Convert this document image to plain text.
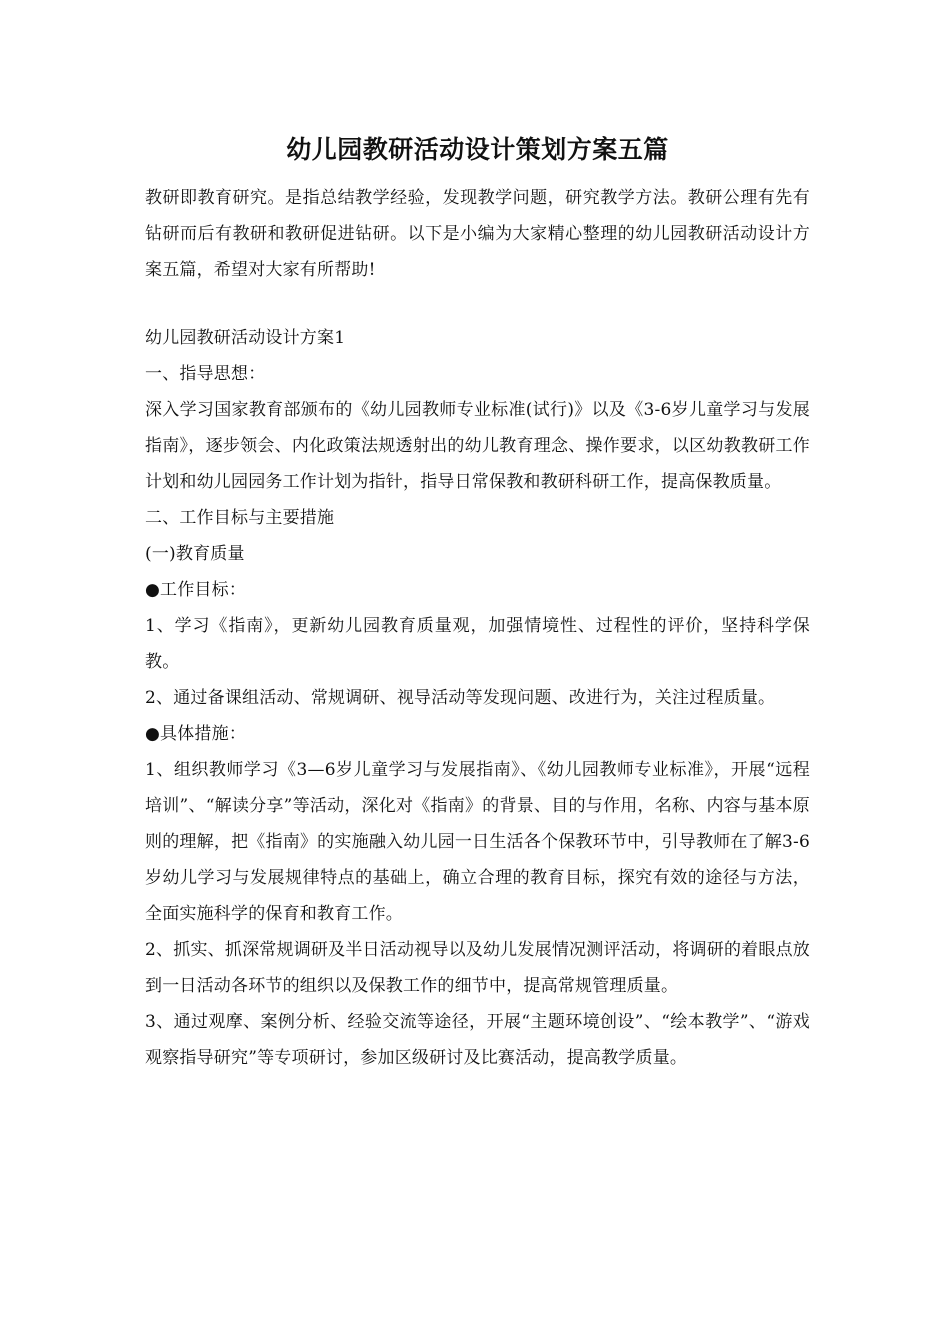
幼儿园教研活动设计策划方案五篇

教研即教育研究。是指总结教学经验，发现教学问题，研究教学方法。教研公理有先有钻研而后有教研和教研促进钻研。以下是小编为大家精心整理的幼儿园教研活动设计方案五篇，希望对大家有所帮助!

幼儿园教研活动设计方案1

一、指导思想：

深入学习国家教育部颁布的《幼儿园教师专业标准(试行)》以及《3-6岁儿童学习与发展指南》，逐步领会、内化政策法规透射出的幼儿教育理念、操作要求，以区幼教教研工作计划和幼儿园园务工作计划为指针，指导日常保教和教研科研工作，提高保教质量。

二、工作目标与主要措施

(一)教育质量

●工作目标：

1、学习《指南》，更新幼儿园教育质量观，加强情境性、过程性的评价，坚持科学保教。

2、通过备课组活动、常规调研、视导活动等发现问题、改进行为，关注过程质量。

●具体措施：

1、组织教师学习《3—6岁儿童学习与发展指南》、《幼儿园教师专业标准》，开展“远程培训”、“解读分享”等活动，深化对《指南》的背景、目的与作用，名称、内容与基本原则的理解，把《指南》的实施融入幼儿园一日生活各个保教环节中，引导教师在了解3-6岁幼儿学习与发展规律特点的基础上，确立合理的教育目标，探究有效的途径与方法，全面实施科学的保育和教育工作。

2、抓实、抓深常规调研及半日活动视导以及幼儿发展情况测评活动，将调研的着眼点放到一日活动各环节的组织以及保教工作的细节中，提高常规管理质量。

3、通过观摩、案例分析、经验交流等途径，开展“主题环境创设”、“绘本教学”、“游戏观察指导研究”等专项研讨，参加区级研讨及比赛活动，提高教学质量。
